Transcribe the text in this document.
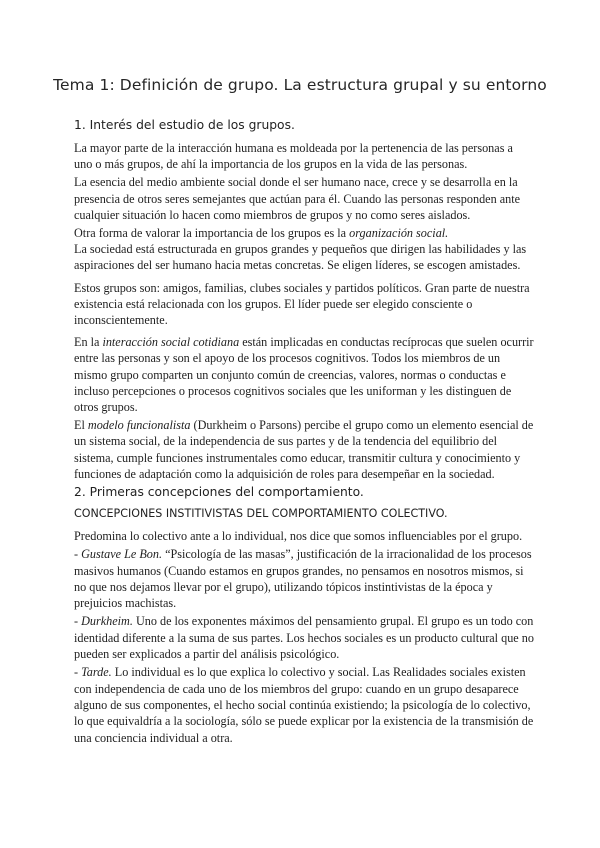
Tema 1: Definición de grupo. La estructura grupal y su entorno
1. Interés del estudio de los grupos.

La mayor parte de la interacción humana es moldeada por la pertenencia de las personas a uno o más grupos, de ahí la importancia de los grupos en la vida de las personas.

La esencia del medio ambiente social donde el ser humano nace, crece y se desarrolla en la presencia de otros seres semejantes que actúan para él. Cuando las personas responden ante cualquier situación lo hacen como miembros de grupos y no como seres aislados.

Otra forma de valorar la importancia de los grupos es la organización social.

La sociedad está estructurada en grupos grandes y pequeños que dirigen las habilidades y las aspiraciones del ser humano hacia metas concretas. Se eligen líderes, se escogen amistades.

Estos grupos son: amigos, familias, clubes sociales y partidos políticos. Gran parte de nuestra existencia está relacionada con los grupos. El líder puede ser elegido consciente o inconscientemente.

En la interacción social cotidiana están implicadas en conductas recíprocas que suelen ocurrir entre las personas y son el apoyo de los procesos cognitivos. Todos los miembros de un mismo grupo comparten un conjunto común de creencias, valores, normas o conductas e incluso percepciones o procesos cognitivos sociales que les uniforman y les distinguen de otros grupos.

El modelo funcionalista (Durkheim o Parsons) percibe el grupo como un elemento esencial de un sistema social, de la independencia de sus partes y de la tendencia del equilibrio del sistema, cumple funciones instrumentales como educar, transmitir cultura y conocimiento y funciones de adaptación como la adquisición de roles para desempeñar en la sociedad.

2. Primeras concepciones del comportamiento.
CONCEPCIONES INSTITIVISTAS DEL COMPORTAMIENTO COLECTIVO.

Predomina lo colectivo ante a lo individual, nos dice que somos influenciables por el grupo.

- Gustave Le Bon. “Psicología de las masas”, justificación de la irracionalidad de los procesos masivos humanos (Cuando estamos en grupos grandes, no pensamos en nosotros mismos, si no que nos dejamos llevar por el grupo), utilizando tópicos instintivistas de la época y prejuicios machistas.

- Durkheim. Uno de los exponentes máximos del pensamiento grupal. El grupo es un todo con identidad diferente a la suma de sus partes. Los hechos sociales es un producto cultural que no pueden ser explicados a partir del análisis psicológico.

- Tarde. Lo individual es lo que explica lo colectivo y social. Las Realidades sociales existen con independencia de cada uno de los miembros del grupo: cuando en un grupo desaparece alguno de sus componentes, el hecho social continúa existiendo; la psicología de lo colectivo, lo que equivaldría a la sociología, sólo se puede explicar por la existencia de la transmisión de una conciencia individual a otra.
